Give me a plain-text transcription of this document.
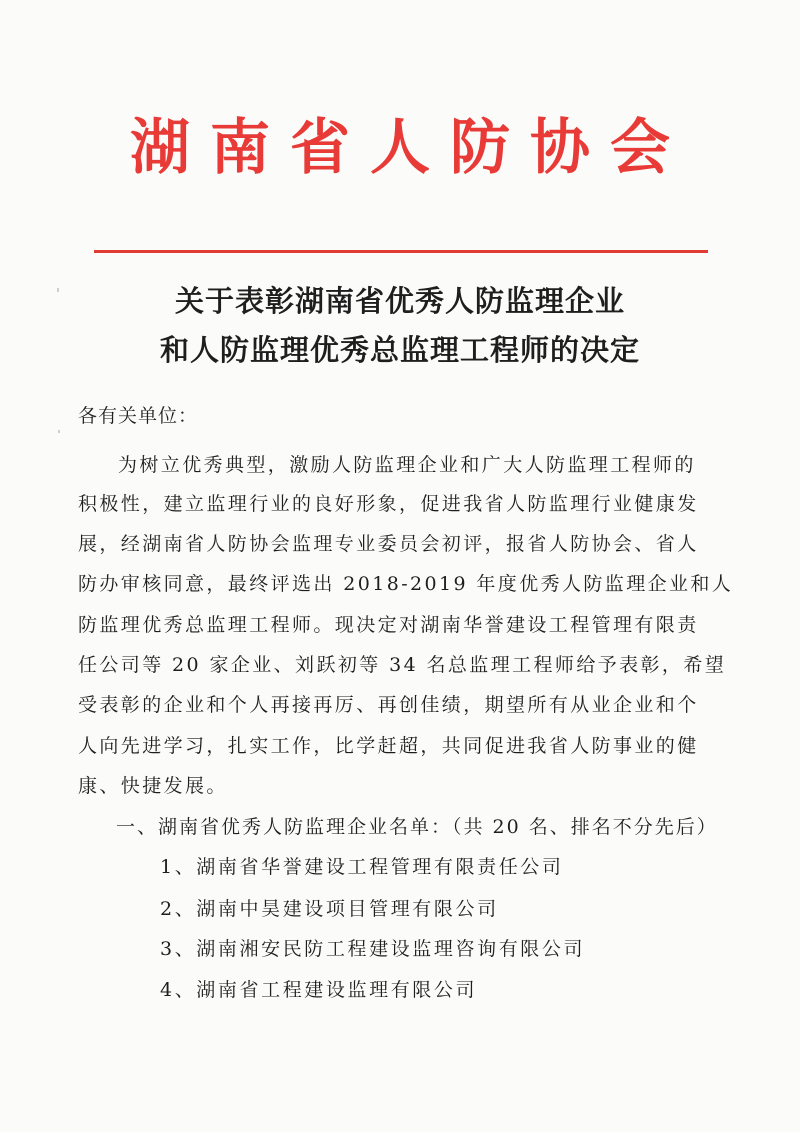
湖南省人防协会
关于表彰湖南省优秀人防监理企业
和人防监理优秀总监理工程师的决定
各有关单位：
为树立优秀典型，激励人防监理企业和广大人防监理工程师的
积极性，建立监理行业的良好形象，促进我省人防监理行业健康发
展，经湖南省人防协会监理专业委员会初评，报省人防协会、省人
防办审核同意，最终评选出 2018-2019 年度优秀人防监理企业和人
防监理优秀总监理工程师。现决定对湖南华誉建设工程管理有限责
任公司等 20 家企业、刘跃初等 34 名总监理工程师给予表彰，希望
受表彰的企业和个人再接再厉、再创佳绩，期望所有从业企业和个
人向先进学习，扎实工作，比学赶超，共同促进我省人防事业的健
康、快捷发展。
一、湖南省优秀人防监理企业名单：（共 20 名、排名不分先后）
1、湖南省华誉建设工程管理有限责任公司
2、湖南中昊建设项目管理有限公司
3、湖南湘安民防工程建设监理咨询有限公司
4、湖南省工程建设监理有限公司
